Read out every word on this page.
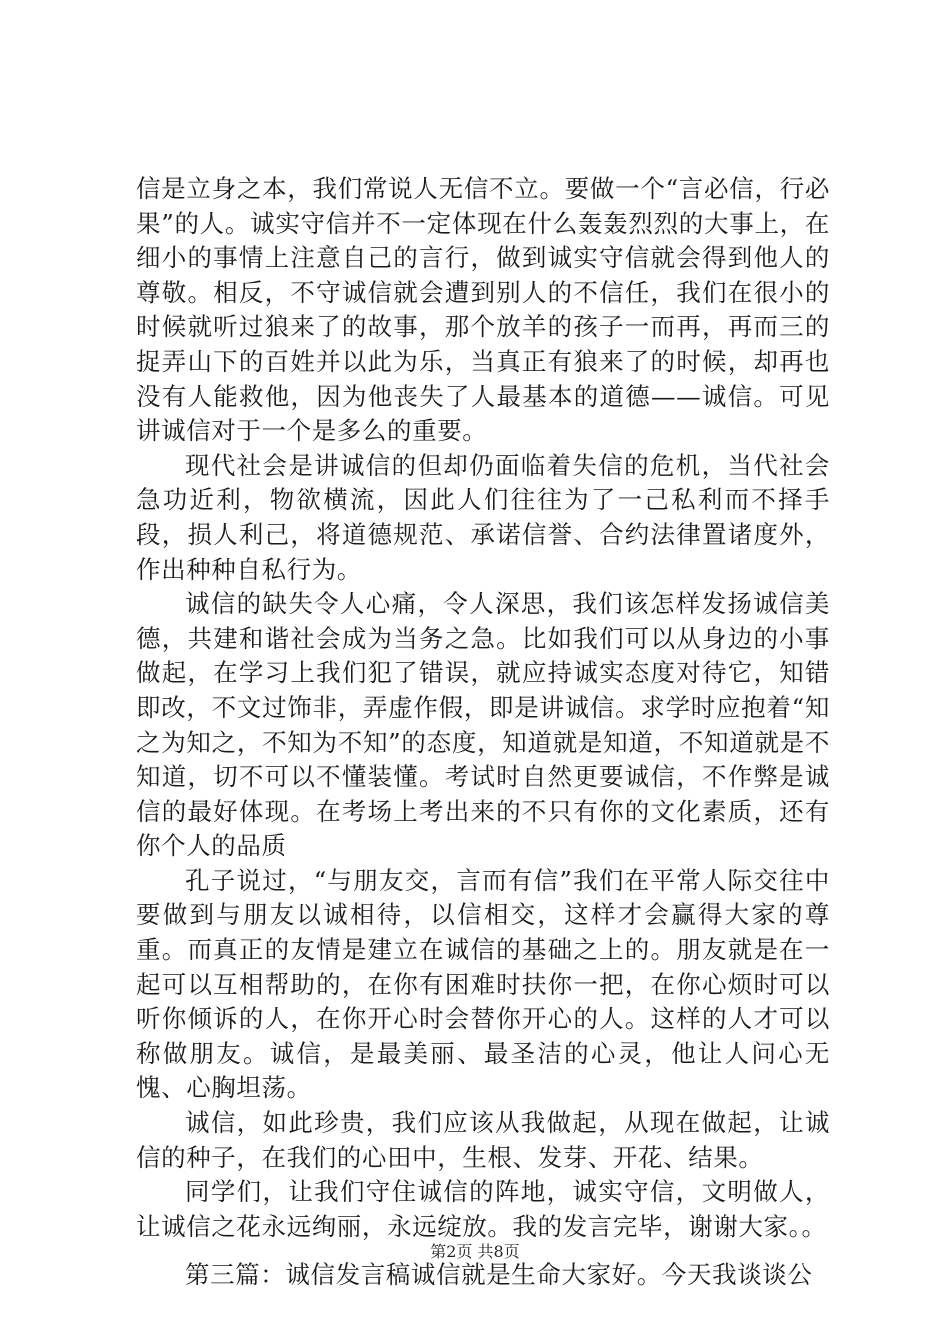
信是立身之本，我们常说人无信不立。要做一个“言必信，行必果”的人。诚实守信并不一定体现在什么轰轰烈烈的大事上，在细小的事情上注意自己的言行，做到诚实守信就会得到他人的尊敬。相反，不守诚信就会遭到别人的不信任，我们在很小的时候就听过狼来了的故事，那个放羊的孩子一而再，再而三的捉弄山下的百姓并以此为乐，当真正有狼来了的时候，却再也没有人能救他，因为他丧失了人最基本的道德——诚信。可见讲诚信对于一个是多么的重要。

现代社会是讲诚信的但却仍面临着失信的危机，当代社会急功近利，物欲横流，因此人们往往为了一己私利而不择手段，损人利己，将道德规范、承诺信誉、合约法律置诸度外，作出种种自私行为。

诚信的缺失令人心痛，令人深思，我们该怎样发扬诚信美德，共建和谐社会成为当务之急。比如我们可以从身边的小事做起，在学习上我们犯了错误，就应持诚实态度对待它，知错即改，不文过饰非，弄虚作假，即是讲诚信。求学时应抱着“知之为知之，不知为不知”的态度，知道就是知道，不知道就是不知道，切不可以不懂装懂。考试时自然更要诚信，不作弊是诚信的最好体现。在考场上考出来的不只有你的文化素质，还有你个人的品质

孔子说过，“与朋友交，言而有信”我们在平常人际交往中要做到与朋友以诚相待，以信相交，这样才会赢得大家的尊重。而真正的友情是建立在诚信的基础之上的。朋友就是在一起可以互相帮助的，在你有困难时扶你一把，在你心烦时可以听你倾诉的人，在你开心时会替你开心的人。这样的人才可以称做朋友。诚信，是最美丽、最圣洁的心灵，他让人问心无愧、心胸坦荡。

诚信，如此珍贵，我们应该从我做起，从现在做起，让诚信的种子，在我们的心田中，生根、发芽、开花、结果。

同学们，让我们守住诚信的阵地，诚实守信，文明做人，让诚信之花永远绚丽，永远绽放。我的发言完毕，谢谢大家。。

第三篇：诚信发言稿诚信就是生命大家好。今天我谈谈公

第2页 共8页
